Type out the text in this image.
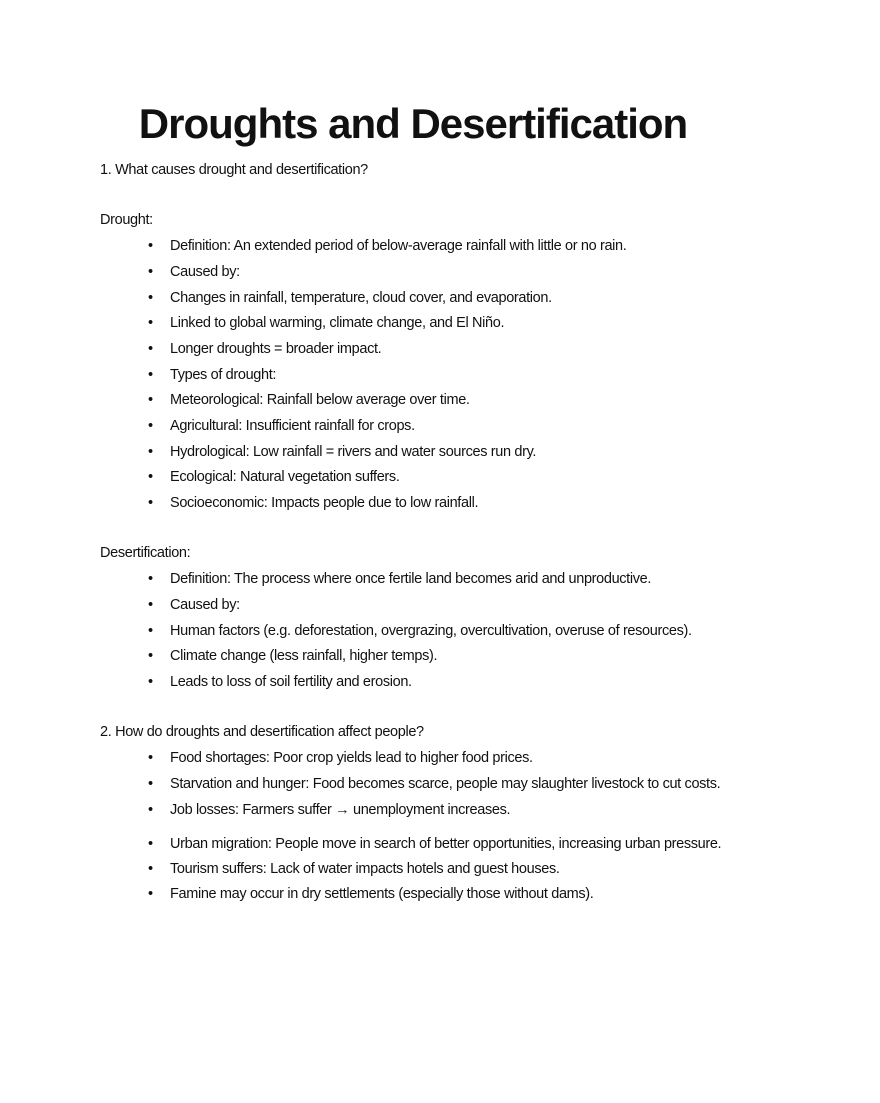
Droughts and Desertification
1. What causes drought and desertification?
Drought:
•	Definition: An extended period of below-average rainfall with little or no rain.
•	Caused by:
•	Changes in rainfall, temperature, cloud cover, and evaporation.
•	Linked to global warming, climate change, and El Niño.
•	Longer droughts = broader impact.
•	Types of drought:
•	Meteorological: Rainfall below average over time.
•	Agricultural: Insufficient rainfall for crops.
•	Hydrological: Low rainfall = rivers and water sources run dry.
•	Ecological: Natural vegetation suffers.
•	Socioeconomic: Impacts people due to low rainfall.
Desertification:
•	Definition: The process where once fertile land becomes arid and unproductive.
•	Caused by:
•	Human factors (e.g. deforestation, overgrazing, overcultivation, overuse of resources).
•	Climate change (less rainfall, higher temps).
•	Leads to loss of soil fertility and erosion.
2. How do droughts and desertification affect people?
•	Food shortages: Poor crop yields lead to higher food prices.
•	Starvation and hunger: Food becomes scarce, people may slaughter livestock to cut costs.
•	Job losses: Farmers suffer → unemployment increases.
•	Urban migration: People move in search of better opportunities, increasing urban pressure.
•	Tourism suffers: Lack of water impacts hotels and guest houses.
•	Famine may occur in dry settlements (especially those without dams).
